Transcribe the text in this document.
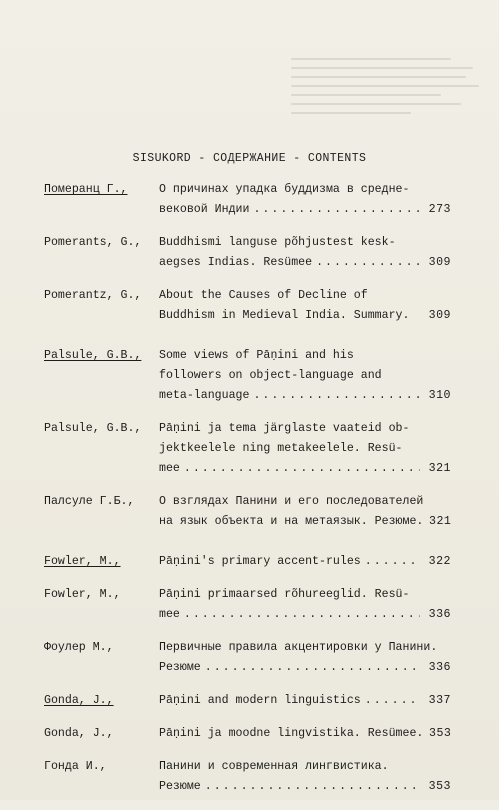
SISUKORD - СОДЕРЖАНИЕ - CONTENTS
Померанц Г.,	О причинах упадка буддизма в средне-
вековой Индии .....	273
Pomerants, G., Buddhismi languse põhjustest kesk-
aegses Indias. Resümee .....	309
Pomerantz, G., About the Causes of Decline of
Buddhism in Medieval India. Summary.	309
Palsule, G.B., Some views of Pāṇini and his
followers on object-language and
meta-language .....	310
Palsule, G.B., Pāṇini ja tema järglaste vaateid ob-
jektkeelele ning metakeelele. Resü-
mee .....	321
Палсуле Г.Б., О взглядах Панини и его последователей
на язык объекта и на метаязык. Резюме. 321
Fowler, M.,	Pāṇini's primary accent-rules .....	322
Fowler, M.,	Pāṇini primaarsed rõhureeglid. Resü-
mee .....	336
Фоулер М.,	Первичные правила акцентировки у Панини.
Резюме .....	336
Gonda, J.,	Pāṇini and modern linguistics .....	337
Gonda, J.,	Pāṇini ja moodne lingvistika. Resümee. 353
Гонда И.,	Панини и современная лингвистика.
Резюме .....	353
